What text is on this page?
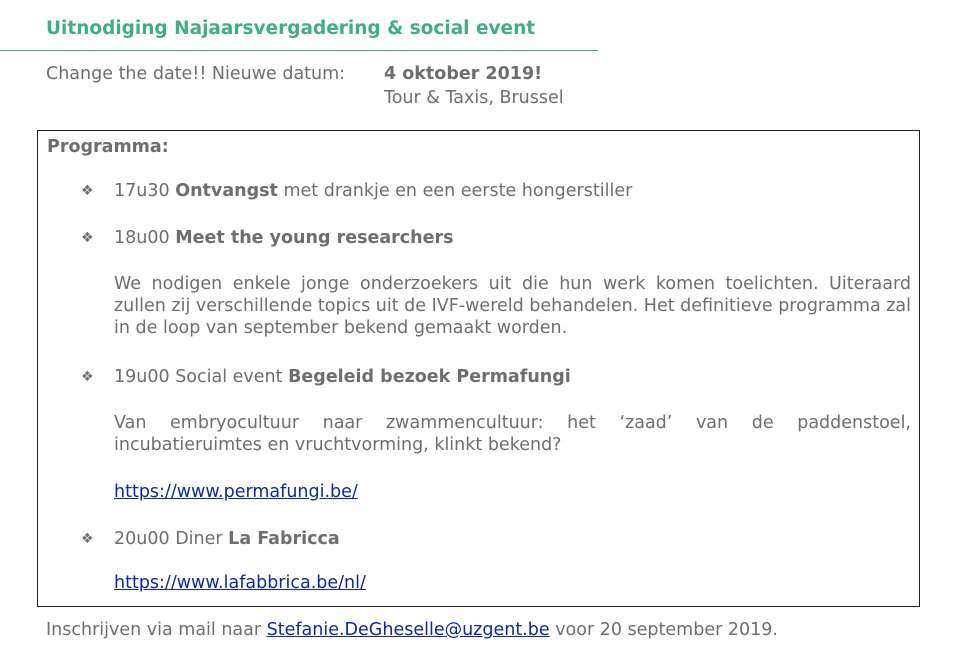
Uitnodiging Najaarsvergadering & social event
Change the date!! Nieuwe datum: 4 oktober 2019!
Tour & Taxis, Brussel
Programma:
❖ 17u30 Ontvangst met drankje en een eerste hongerstiller
❖ 18u00 Meet the young researchers
We nodigen enkele jonge onderzoekers uit die hun werk komen toelichten. Uiteraard zullen zij verschillende topics uit de IVF-wereld behandelen. Het definitieve programma zal in de loop van september bekend gemaakt worden.
❖ 19u00 Social event Begeleid bezoek Permafungi
Van embryocultuur naar zwammencultuur: het ‘zaad’ van de paddenstoel, incubatieruimtes en vruchtvorming, klinkt bekend?
https://www.permafungi.be/
❖ 20u00 Diner La Fabricca
https://www.lafabbrica.be/nl/
Inschrijven via mail naar Stefanie.DeGheselle@uzgent.be voor 20 september 2019.
